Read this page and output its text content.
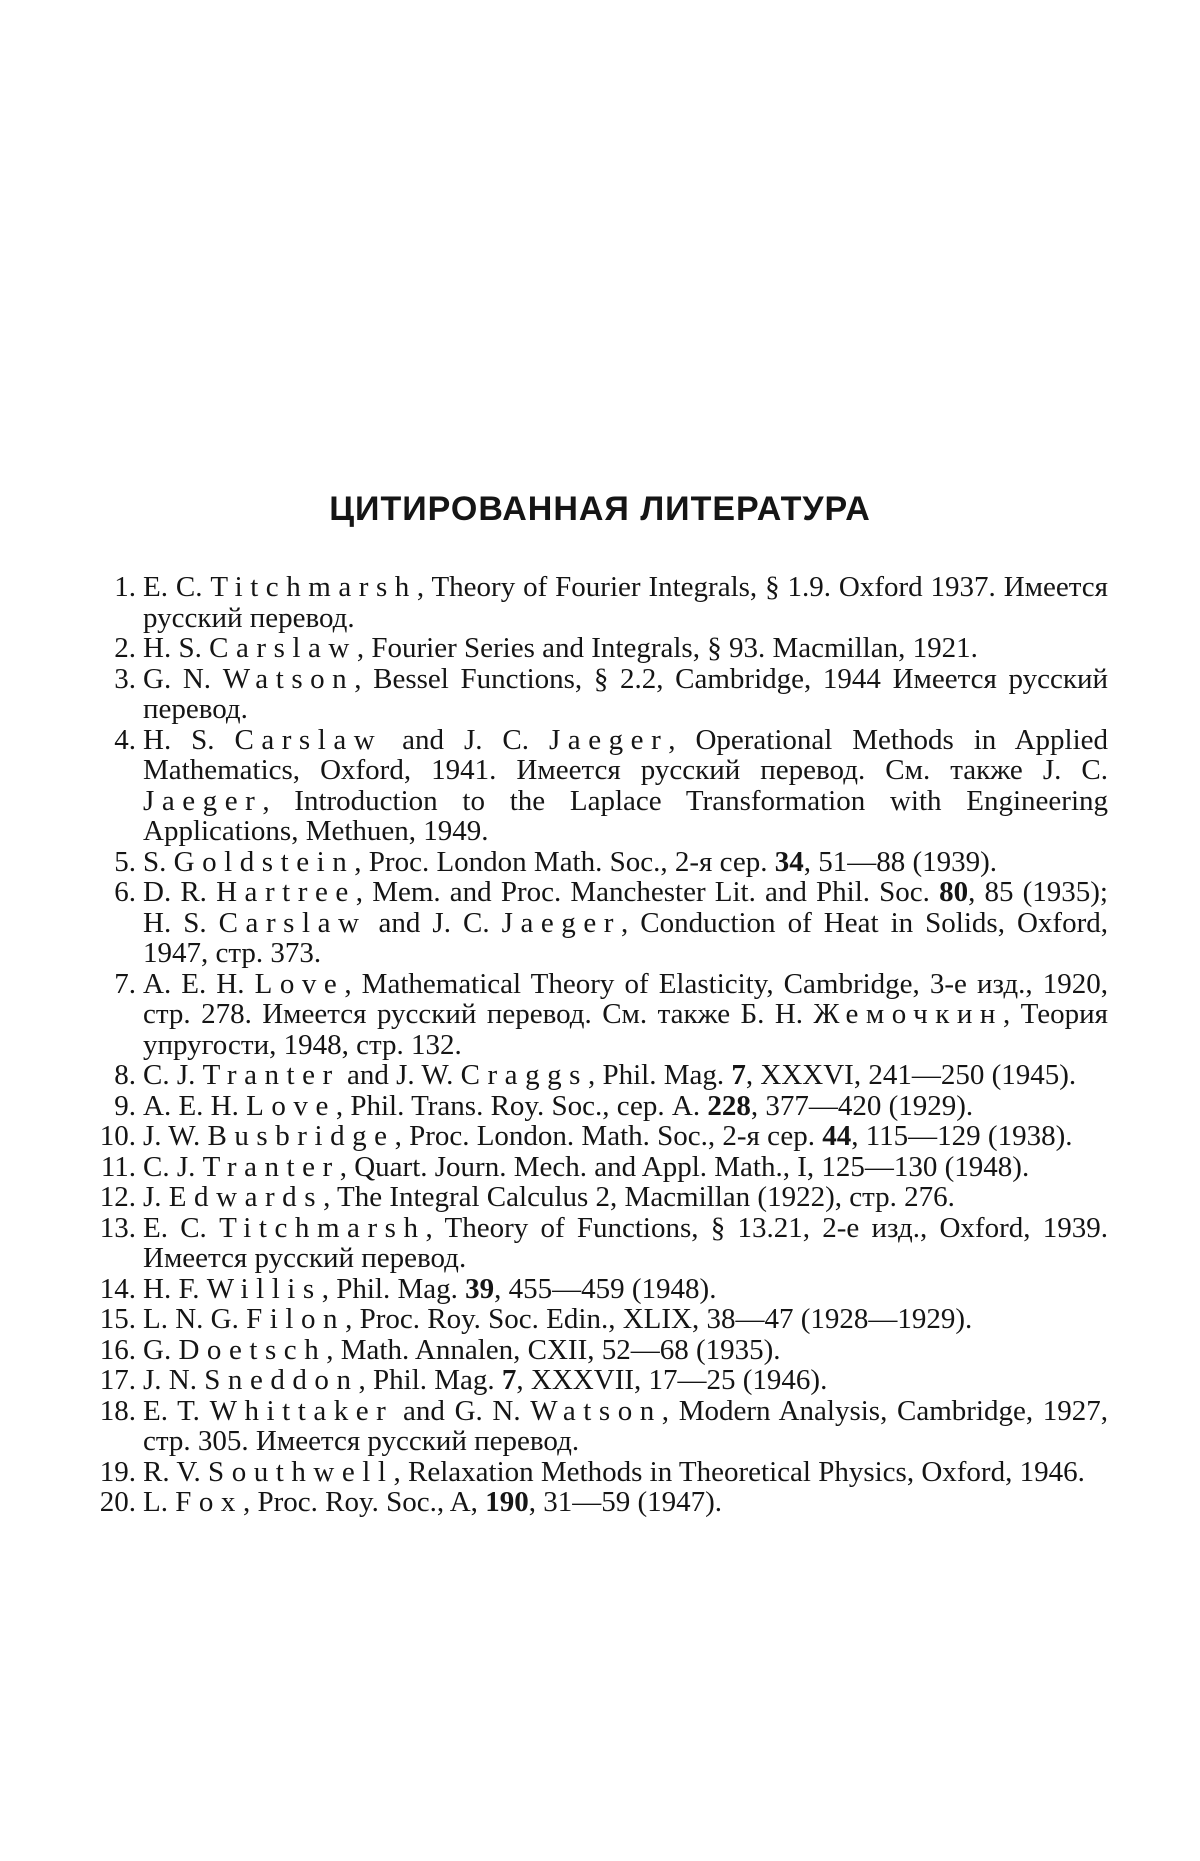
ЦИТИРОВАННАЯ ЛИТЕРАТУРА
1. E. C. Titchmarsh, Theory of Fourier Integrals, § 1.9. Oxford 1937. Имеется русский перевод.
2. H. S. Carslaw, Fourier Series and Integrals, § 93. Macmillan, 1921.
3. G. N. Watson, Bessel Functions, § 2.2, Cambridge, 1944 Имеется русский перевод.
4. H. S. Carslaw and J. C. Jaeger, Operational Methods in Applied Mathematics, Oxford, 1941. Имеется русский перевод. См. также J. C. Jaeger, Introduction to the Laplace Transformation with Engineering Applications, Methuen, 1949.
5. S. Goldstein, Proc. London Math. Soc., 2-я сер. 34, 51—88 (1939).
6. D. R. Hartree, Mem. and Proc. Manchester Lit. and Phil. Soc. 80, 85 (1935); H. S. Carslaw and J. C. Jaeger, Conduction of Heat in Solids, Oxford, 1947, стр. 373.
7. A. E. H. Love, Mathematical Theory of Elasticity, Cambridge, 3-е изд., 1920, стр. 278. Имеется русский перевод. См. также Б. Н. Жемочкин, Теория упругости, 1948, стр. 132.
8. C. J. Tranter and J. W. Craggs, Phil. Mag. 7, XXXVI, 241—250 (1945).
9. A. E. H. Love, Phil. Trans. Roy. Soc., сер. A. 228, 377—420 (1929).
10. J. W. Busbridge, Proc. London. Math. Soc., 2-я сер. 44, 115—129 (1938).
11. C. J. Tranter, Quart. Journ. Mech. and Appl. Math., I, 125—130 (1948).
12. J. Edwards, The Integral Calculus 2, Macmillan (1922), стр. 276.
13. E. C. Titchmarsh, Theory of Functions, § 13.21, 2-е изд., Oxford, 1939. Имеется русский перевод.
14. H. F. Willis, Phil. Mag. 39, 455—459 (1948).
15. L. N. G. Filon, Proc. Roy. Soc. Edin., XLIX, 38—47 (1928—1929).
16. G. Doetsch, Math. Annalen, CXII, 52—68 (1935).
17. J. N. Sneddon, Phil. Mag. 7, XXXVII, 17—25 (1946).
18. E. T. Whittaker and G. N. Watson, Modern Analysis, Cambridge, 1927, стр. 305. Имеется русский перевод.
19. R. V. Southwell, Relaxation Methods in Theoretical Physics, Oxford, 1946.
20. L. Fox, Proc. Roy. Soc., A, 190, 31—59 (1947).
